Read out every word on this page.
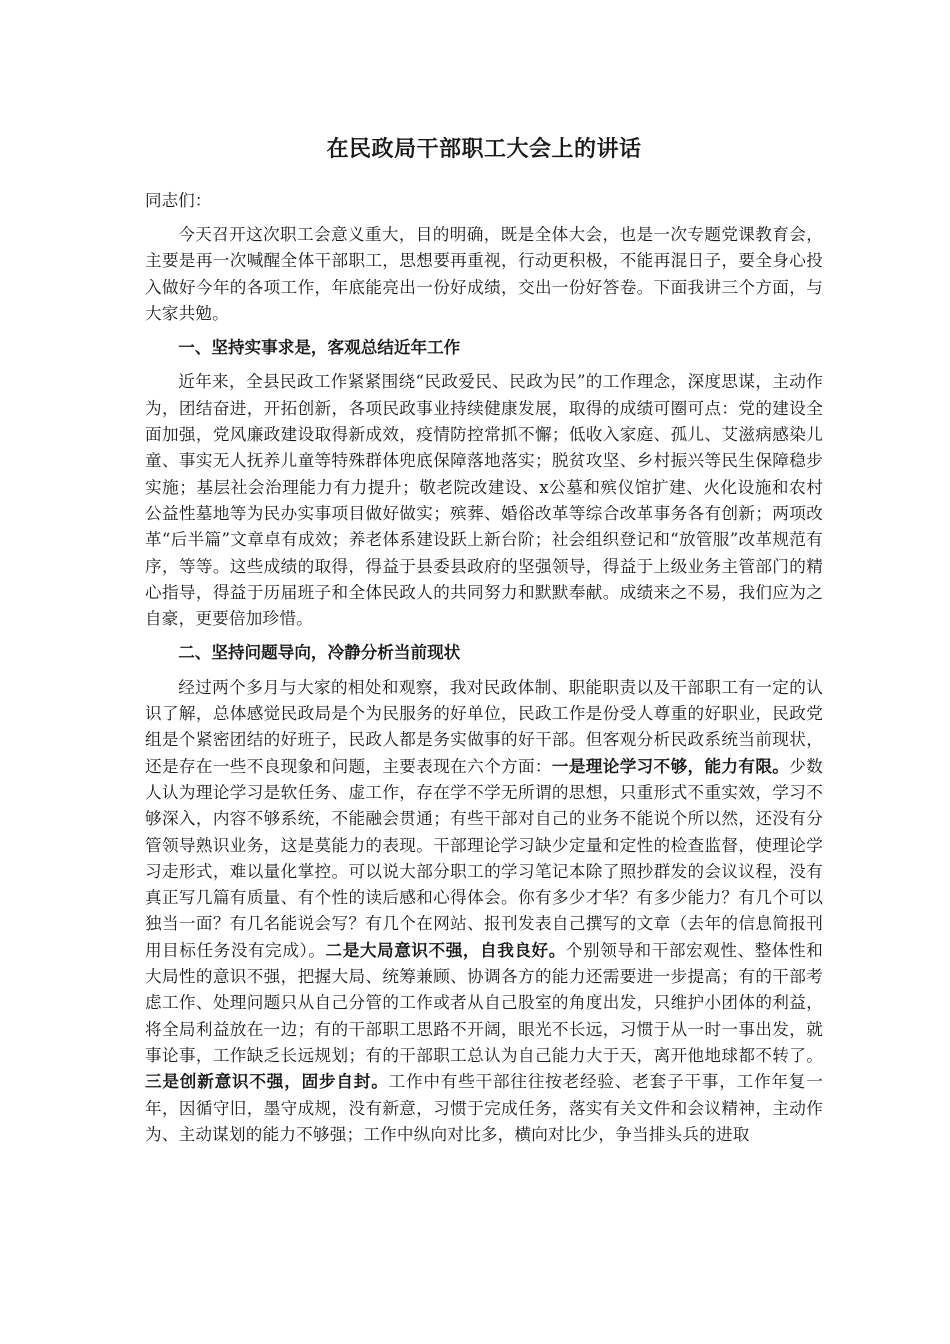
在民政局干部职工大会上的讲话

同志们：

今天召开这次职工会意义重大，目的明确，既是全体大会，也是一次专题党课教育会，主要是再一次喊醒全体干部职工，思想要再重视，行动更积极，不能再混日子，要全身心投入做好今年的各项工作，年底能亮出一份好成绩，交出一份好答卷。下面我讲三个方面，与大家共勉。

一、坚持实事求是，客观总结近年工作

近年来，全县民政工作紧紧围绕“民政爱民、民政为民”的工作理念，深度思谋，主动作为，团结奋进，开拓创新，各项民政事业持续健康发展，取得的成绩可圈可点：党的建设全面加强，党风廉政建设取得新成效，疫情防控常抓不懈；低收入家庭、孤儿、艾滋病感染儿童、事实无人抚养儿童等特殊群体兜底保障落地落实；脱贫攻坚、乡村振兴等民生保障稳步实施；基层社会治理能力有力提升；敬老院改建设、x公墓和殡仪馆扩建、火化设施和农村公益性墓地等为民办实事项目做好做实；殡葬、婚俗改革等综合改革事务各有创新；两项改革“后半篇”文章卓有成效；养老体系建设跃上新台阶；社会组织登记和“放管服”改革规范有序，等等。这些成绩的取得，得益于县委县政府的坚强领导，得益于上级业务主管部门的精心指导，得益于历届班子和全体民政人的共同努力和默默奉献。成绩来之不易，我们应为之自豪，更要倍加珍惜。

二、坚持问题导向，冷静分析当前现状

经过两个多月与大家的相处和观察，我对民政体制、职能职责以及干部职工有一定的认识了解，总体感觉民政局是个为民服务的好单位，民政工作是份受人尊重的好职业，民政党组是个紧密团结的好班子，民政人都是务实做事的好干部。但客观分析民政系统当前现状，还是存在一些不良现象和问题，主要表现在六个方面：一是理论学习不够，能力有限。少数人认为理论学习是软任务、虚工作，存在学不学无所谓的思想，只重形式不重实效，学习不够深入，内容不够系统，不能融会贯通；有些干部对自己的业务不能说个所以然，还没有分管领导熟识业务，这是莫能力的表现。干部理论学习缺少定量和定性的检查监督，使理论学习走形式，难以量化掌控。可以说大部分职工的学习笔记本除了照抄群发的会议议程，没有真正写几篇有质量、有个性的读后感和心得体会。你有多少才华？有多少能力？有几个可以独当一面？有几名能说会写？有几个在网站、报刊发表自己撰写的文章（去年的信息简报刊用目标任务没有完成）。二是大局意识不强，自我良好。个别领导和干部宏观性、整体性和大局性的意识不强，把握大局、统筹兼顾、协调各方的能力还需要进一步提高；有的干部考虑工作、处理问题只从自己分管的工作或者从自己股室的角度出发，只维护小团体的利益，将全局利益放在一边；有的干部职工思路不开阔，眼光不长远，习惯于从一时一事出发，就事论事，工作缺乏长远规划；有的干部职工总认为自己能力大于天，离开他地球都不转了。三是创新意识不强，固步自封。工作中有些干部往往按老经验、老套子干事，工作年复一年，因循守旧，墨守成规，没有新意，习惯于完成任务，落实有关文件和会议精神，主动作为、主动谋划的能力不够强；工作中纵向对比多，横向对比少，争当排头兵的进取
